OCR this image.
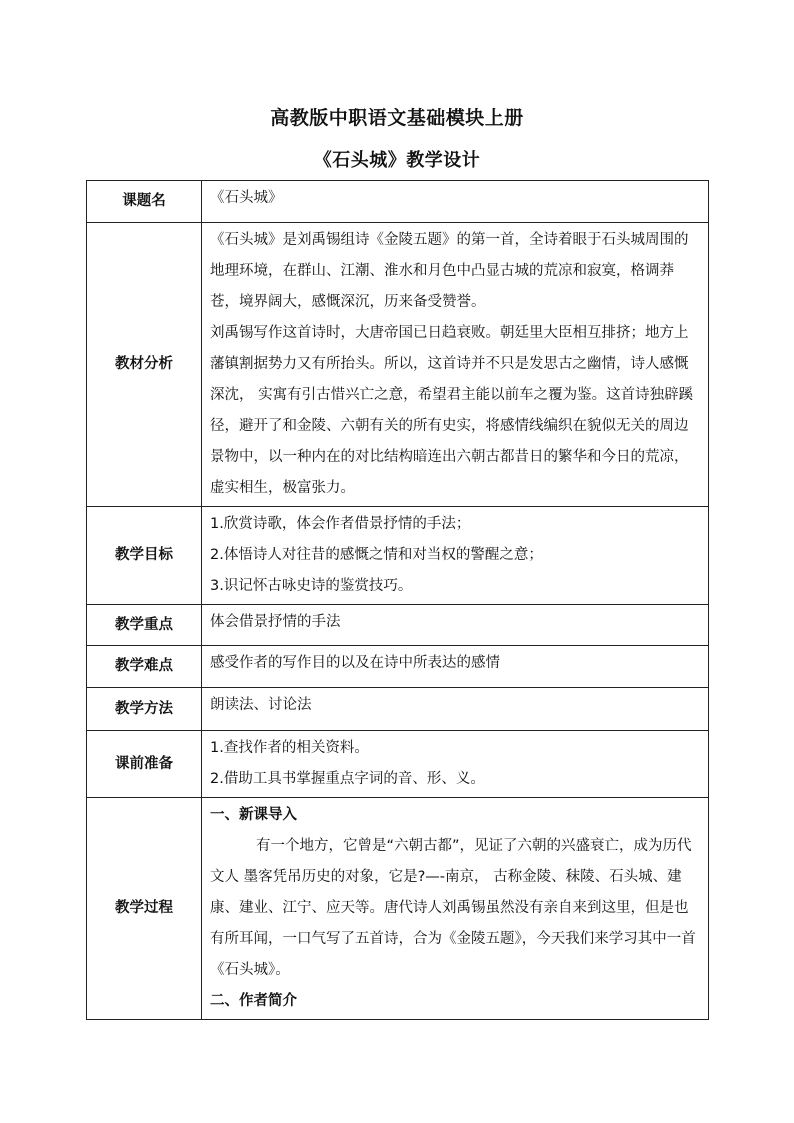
高教版中职语文基础模块上册
《石头城》教学设计
课题名	《石头城》

教材分析	《石头城》是刘禹锡组诗《金陵五题》的第一首，全诗着眼于石头城周围的地理环境，在群山、江潮、淮水和月色中凸显古城的荒凉和寂寞，格调莽苍，境界阔大，感慨深沉，历来备受赞誉。
刘禹锡写作这首诗时，大唐帝国已日趋衰败。朝廷里大臣相互排挤；地方上藩镇割据势力又有所抬头。所以，这首诗并不只是发思古之幽情，诗人感慨深沈， 实寓有引古惜兴亡之意，希望君主能以前车之覆为鉴。这首诗独辟蹊径，避开了和金陵、六朝有关的所有史实，将感情线编织在貌似无关的周边景物中，以一种内在的对比结构暗连出六朝古都昔日的繁华和今日的荒凉，虚实相生，极富张力。

教学目标	1.欣赏诗歌，体会作者借景抒情的手法；
2.体悟诗人对往昔的感慨之情和对当权的警醒之意；
3.识记怀古咏史诗的鉴赏技巧。

教学重点	体会借景抒情的手法

教学难点	感受作者的写作目的以及在诗中所表达的感情

教学方法	朗读法、讨论法

课前准备	1.查找作者的相关资料。
2.借助工具书掌握重点字词的音、形、义。

教学过程	一、新课导入
有一个地方，它曾是“六朝古都”，见证了六朝的兴盛衰亡，成为历代文人 墨客凭吊历史的对象，它是?—-南京， 古称金陵、秣陵、石头城、建康、建业、江宁、应天等。唐代诗人刘禹锡虽然没有亲自来到这里，但是也有所耳闻，一口气写了五首诗，合为《金陵五题》，今天我们来学习其中一首《石头城》。
二、作者简介
